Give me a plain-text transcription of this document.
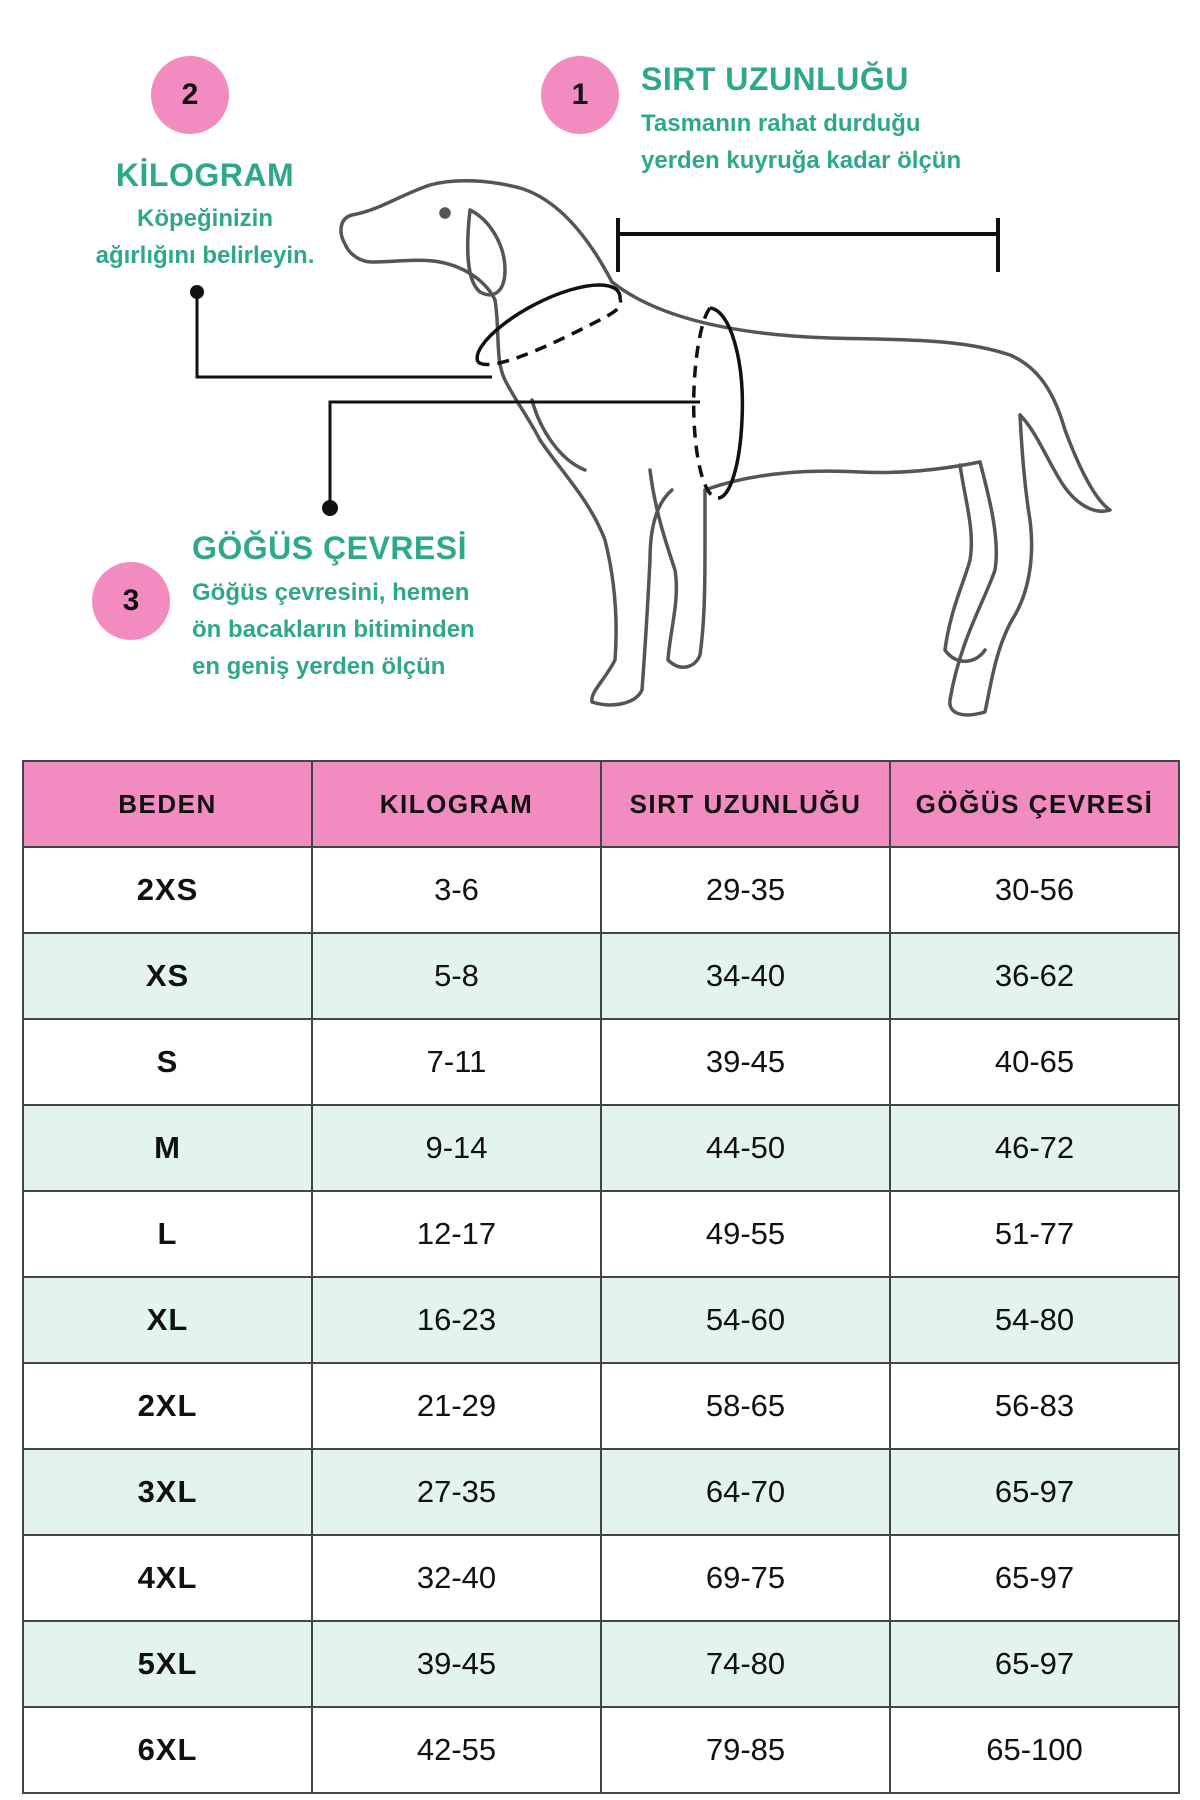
2
KİLOGRAM
Köpeğinizin
ağırlığını belirleyin.
1 SIRT UZUNLUĞU
Tasmanın rahat durduğu
yerden kuyruğa kadar ölçün
3
GÖĞÜS ÇEVRESİ
Göğüs çevresini, hemen
ön bacakların bitiminden
en geniş yerden ölçün
BEDEN	KILOGRAM	SIRT UZUNLUĞU	GÖĞÜS ÇEVRESİ
2XS	3-6	29-35	30-56
XS	5-8	34-40	36-62
S	7-11	39-45	40-65
M	9-14	44-50	46-72
L	12-17	49-55	51-77
XL	16-23	54-60	54-80
2XL	21-29	58-65	56-83
3XL	27-35	64-70	65-97
4XL	32-40	69-75	65-97
5XL	39-45	74-80	65-97
6XL	42-55	79-85	65-100
